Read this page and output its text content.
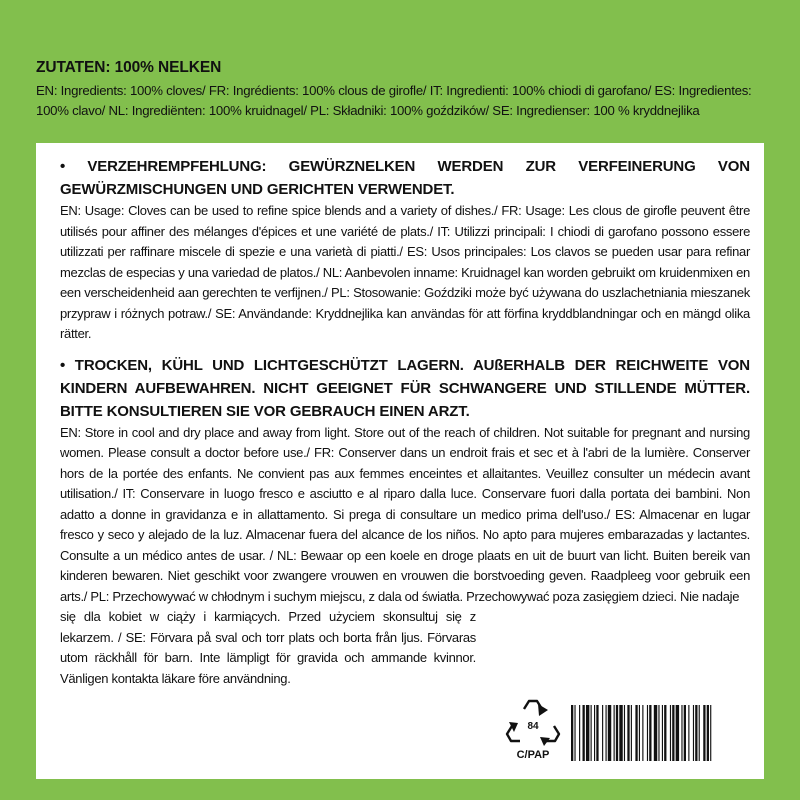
ZUTATEN: 100% NELKEN
EN: Ingredients: 100% cloves/ FR: Ingrédients: 100% clous de girofle/ IT: Ingredienti: 100% chiodi di garofano/ ES: Ingredientes: 100% clavo/ NL: Ingrediënten: 100% kruidnagel/ PL: Składniki: 100% goździków/ SE: Ingredienser: 100 % kryddnejlika
• VERZEHREMPFEHLUNG: GEWÜRZNELKEN WERDEN ZUR VERFEINERUNG VON GEWÜRZMISCHUNGEN UND GERICHTEN VERWENDET.
EN: Usage: Cloves can be used to refine spice blends and a variety of dishes./ FR: Usage: Les clous de girofle peuvent être utilisés pour affiner des mélanges d'épices et une variété de plats./ IT: Utilizzi principali: I chiodi di garofano possono essere utilizzati per raffinare miscele di spezie e una varietà di piatti./ ES: Usos principales: Los clavos se pueden usar para refinar mezclas de especias y una variedad de platos./ NL: Aanbevolen inname: Kruidnagel kan worden gebruikt om kruidenmixen en een verscheidenheid aan gerechten te verfijnen./ PL: Stosowanie: Goździki może być używana do uszlachetniania mieszanek przypraw i różnych potraw./ SE: Användande: Kryddnejlika kan användas för att förfina kryddblandningar och en mängd olika rätter.
• TROCKEN, KÜHL UND LICHTGESCHÜTZT LAGERN. AUßERHALB DER REICHWEITE VON KINDERN AUFBEWAHREN. NICHT GEEIGNET FÜR SCHWANGERE UND STILLENDE MÜTTER. BITTE KONSULTIEREN SIE VOR GEBRAUCH EINEN ARZT.
EN: Store in cool and dry place and away from light. Store out of the reach of children. Not suitable for pregnant and nursing women. Please consult a doctor before use./ FR: Conserver dans un endroit frais et sec et à l'abri de la lumière. Conserver hors de la portée des enfants. Ne convient pas aux femmes enceintes et allaitantes. Veuillez consulter un médecin avant utilisation./ IT: Conservare in luogo fresco e asciutto e al riparo dalla luce. Conservare fuori dalla portata dei bambini. Non adatto a donne in gravidanza e in allattamento. Si prega di consultare un medico prima dell'uso./ ES: Almacenar en lugar fresco y seco y alejado de la luz. Almacenar fuera del alcance de los niños. No apto para mujeres embarazadas y lactantes. Consulte a un médico antes de usar. / NL: Bewaar op een koele en droge plaats en uit de buurt van licht. Buiten bereik van kinderen bewaren. Niet geschikt voor zwangere vrouwen en vrouwen die borstvoeding geven. Raadpleeg voor gebruik een arts./ PL: Przechowywać w chłodnym i suchym miejscu, z dala od światła. Przechowywać poza zasięgiem dzieci. Nie nadaje
się dla kobiet w ciąży i karmiących. Przed użyciem skonsultuj się z lekarzem. / SE: Förvara på sval och torr plats och borta från ljus. Förvaras utom räckhåll för barn. Inte lämpligt för gravida och ammande kvinnor. Vänligen kontakta läkare före användning.
84
C/PAP
